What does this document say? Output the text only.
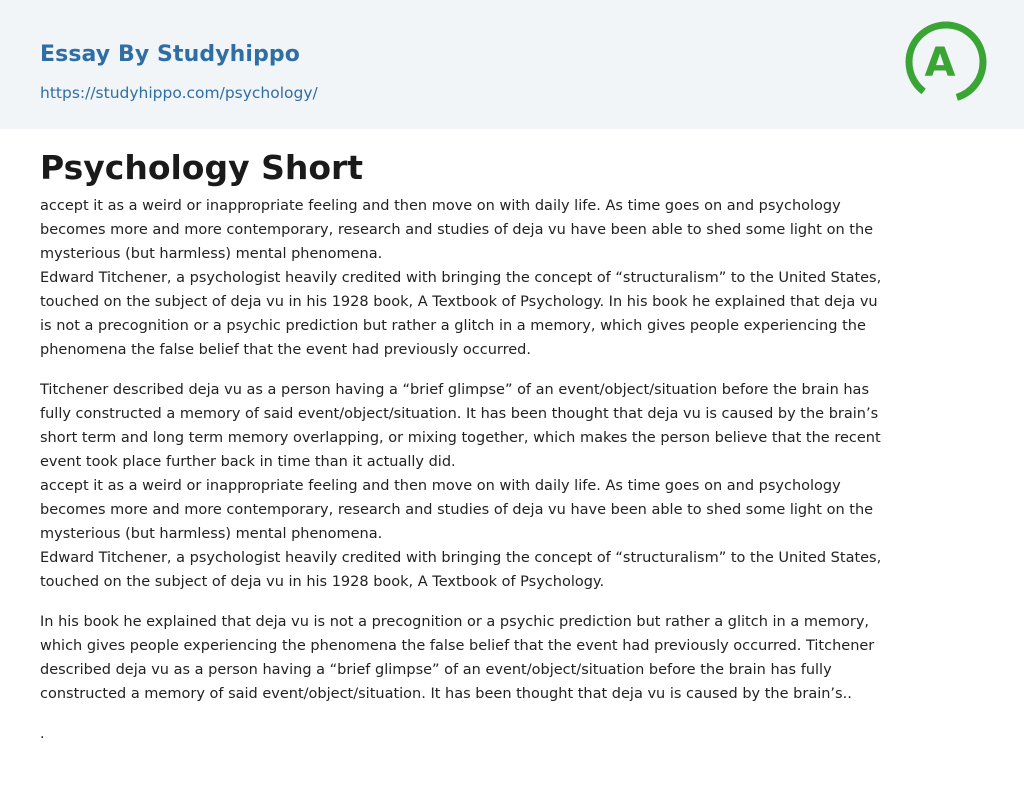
Essay By Studyhippo
https://studyhippo.com/psychology/
A
Psychology Short
accept it as a weird or inappropriate feeling and then move on with daily life. As time goes on and psychology
becomes more and more contemporary, research and studies of deja vu have been able to shed some light on the
mysterious (but harmless) mental phenomena.
Edward Titchener, a psychologist heavily credited with bringing the concept of “structuralism” to the United States,
touched on the subject of deja vu in his 1928 book, A Textbook of Psychology. In his book he explained that deja vu
is not a precognition or a psychic prediction but rather a glitch in a memory, which gives people experiencing the
phenomena the false belief that the event had previously occurred.
Titchener described deja vu as a person having a “brief glimpse” of an event/object/situation before the brain has
fully constructed a memory of said event/object/situation. It has been thought that deja vu is caused by the brain’s
short term and long term memory overlapping, or mixing together, which makes the person believe that the recent
event took place further back in time than it actually did.
accept it as a weird or inappropriate feeling and then move on with daily life. As time goes on and psychology
becomes more and more contemporary, research and studies of deja vu have been able to shed some light on the
mysterious (but harmless) mental phenomena.
Edward Titchener, a psychologist heavily credited with bringing the concept of “structuralism” to the United States,
touched on the subject of deja vu in his 1928 book, A Textbook of Psychology.
In his book he explained that deja vu is not a precognition or a psychic prediction but rather a glitch in a memory,
which gives people experiencing the phenomena the false belief that the event had previously occurred. Titchener
described deja vu as a person having a “brief glimpse” of an event/object/situation before the brain has fully
constructed a memory of said event/object/situation. It has been thought that deja vu is caused by the brain’s..
.
